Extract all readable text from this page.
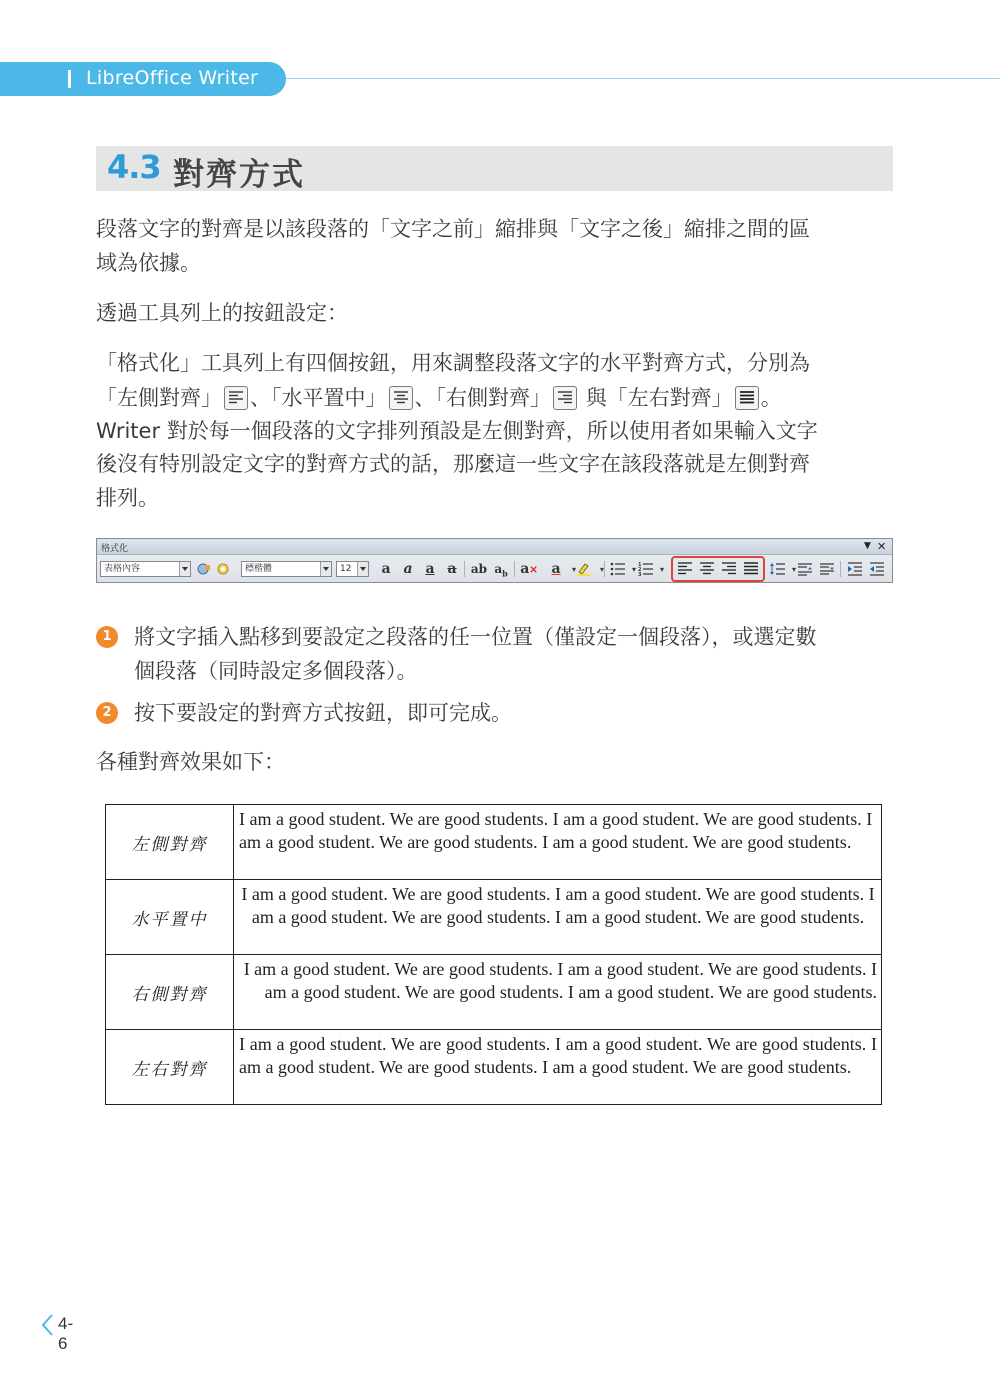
LibreOffice Writer
4.3 對齊方式
段落文字的對齊是以該段落的「文字之前」縮排與「文字之後」縮排之間的區
域為依據。
透過工具列上的按鈕設定：
「格式化」工具列上有四個按鈕，用來調整段落文字的水平對齊方式，分別為
「左側對齊」 、「水平置中」 、「右側對齊」 與「左右對齊」 。
Writer 對於每一個段落的文字排列預設是左側對齊，所以使用者如果輸入文字
後沒有特別設定文字的對齊方式的話，那麼這一些文字在該段落就是左側對齊
排列。
格式化	▼ ✕
表格內容	標楷體	12	a a a a	ab $a_b$ a✕ a	▾	▾	▾ 1
2
3
▾	▾
1	將文字插入點移到要設定之段落的任一位置（僅設定一個段落），或選定數
個段落（同時設定多個段落）。
2	按下要設定的對齊方式按鈕，即可完成。
各種對齊效果如下：
左側對齊	I am a good student. We are good students. I am a good student. We are good students. I am a good student. We are good students. I am a good student. We are good students.
水平置中	I am a good student. We are good students. I am a good student. We are good students. I am a good student. We are good students. I am a good student. We are good students.
右側對齊	I am a good student. We are good students. I am a good student. We are good students. I am a good student. We are good students. I am a good student. We are good students.
左右對齊	I am a good student. We are good students. I am a good student. We are good students. I am a good student. We are good students. I am a good student. We are good students.
4-6
